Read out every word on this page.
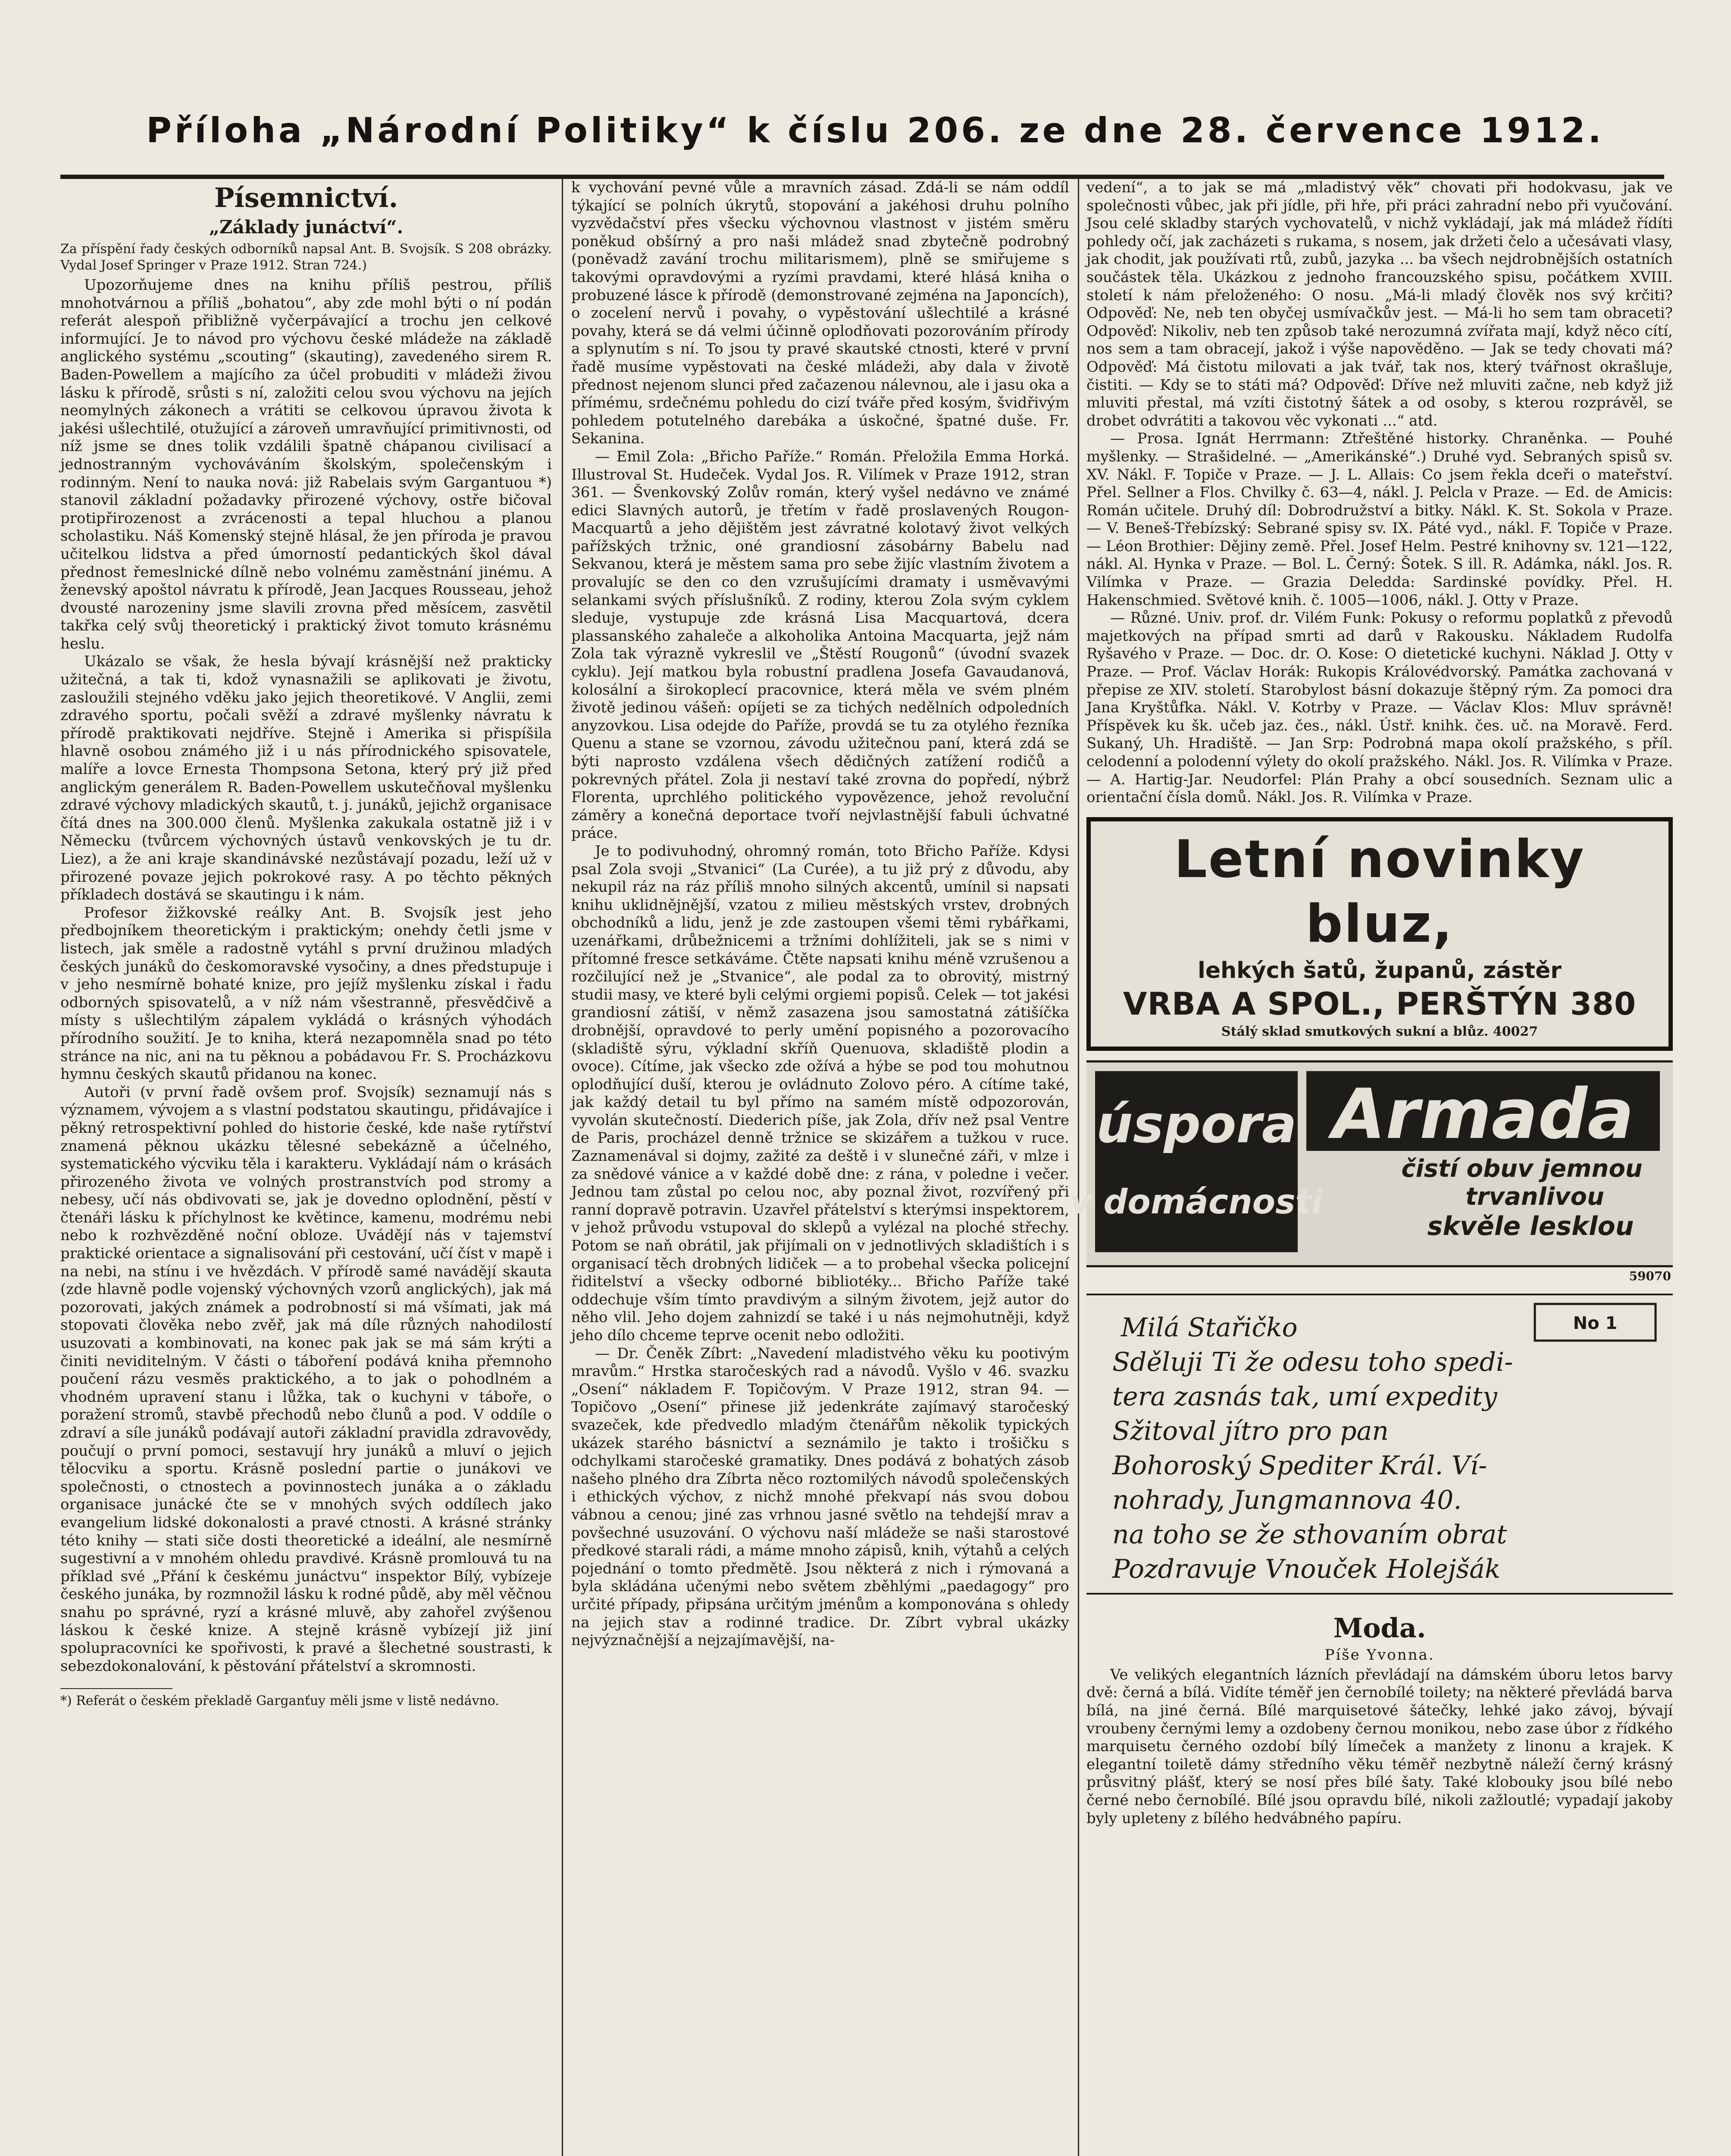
Příloha „Národní Politiky“ k číslu 206. ze dne 28. července 1912.
Písemnictví.
„Základy junáctví“.

Za příspění řady českých odborníků napsal Ant. B. Svojsík. S 208 obrázky. Vydal Josef Springer v Praze 1912. Stran 724.)

Upozorňujeme dnes na knihu příliš pestrou, příliš mnohotvárnou a příliš „bohatou“, aby zde mohl býti o ní podán referát alespoň přibližně vyčerpávající a trochu jen celkové informující. Je to návod pro výchovu české mládeže na základě anglického systému „scouting“ (skauting), zavedeného sirem R. Baden-Powellem a majícího za účel probuditi v mládeži živou lásku k přírodě, srůsti s ní, založiti celou svou výchovu na jejích neomylných zákonech a vrátiti se celkovou úpravou života k jakési ušlechtilé, otužující a zároveň umravňující primitivnosti, od níž jsme se dnes tolik vzdálili špatně chápanou civilisací a jednostranným vychováváním školským, společenským i rodinným. Není to nauka nová: již Rabelais svým Gargantuou *) stanovil základní požadavky přirozené výchovy, ostře bičoval protipřirozenost a zvrácenosti a tepal hluchou a planou scholastiku. Náš Komenský stejně hlásal, že jen příroda je pravou učitelkou lidstva a před úmorností pedantických škol dával přednost řemeslnické dílně nebo volnému zaměstnání jinému. A ženevský apoštol návratu k přírodě, Jean Jacques Rousseau, jehož dvousté narozeniny jsme slavili zrovna před měsícem, zasvětil takřka celý svůj theoretický i praktický život tomuto krásnému heslu.

Ukázalo se však, že hesla bývají krásnější než prakticky užitečná, a tak ti, kdož vynasnažili se aplikovati je životu, zasloužili stejného vděku jako jejich theoretikové. V Anglii, zemi zdravého sportu, počali svěží a zdravé myšlenky návratu k přírodě praktikovati nejdříve. Stejně i Amerika si přispíšila hlavně osobou známého již i u nás přírodnického spisovatele, malíře a lovce Ernesta Thompsona Setona, který prý již před anglickým generálem R. Baden-Powellem uskutečňoval myšlenku zdravé výchovy mladických skautů, t. j. junáků, jejichž organisace čítá dnes na 300.000 členů. Myšlenka zakukala ostatně již i v Německu (tvůrcem výchovných ústavů venkovských je tu dr. Liez), a že ani kraje skandinávské nezůstávají pozadu, leží už v přirozené povaze jejich pokrokové rasy. A po těchto pěkných příkladech dostává se skautingu i k nám.

Profesor žižkovské reálky Ant. B. Svojsík jest jeho předbojníkem theoretickým i praktickým; onehdy četli jsme v listech, jak směle a radostně vytáhl s první družinou mladých českých junáků do českomoravské vysočiny, a dnes předstupuje i v jeho nesmírně bohaté knize, pro jejíž myšlenku získal i řadu odborných spisovatelů, a v níž nám všestranně, přesvědčivě a místy s ušlechtilým zápalem vykládá o krásných výhodách přírodního soužití. Je to kniha, která nezapomněla snad po této stránce na nic, ani na tu pěknou a pobádavou Fr. S. Procházkovu hymnu českých skautů přidanou na konec.

Autoři (v první řadě ovšem prof. Svojsík) seznamují nás s významem, vývojem a s vlastní podstatou skautingu, přidávajíce i pěkný retrospektivní pohled do historie české, kde naše rytířství znamená pěknou ukázku tělesné sebekázně a účelného, systematického výcviku těla i karakteru. Vykládají nám o krásách přirozeného života ve volných prostranstvích pod stromy a nebesy, učí nás obdivovati se, jak je dovedno oplodnění, pěstí v čtenáři lásku k příchylnost ke květince, kamenu, modrému nebi nebo k rozhvězděné noční obloze. Uvádějí nás v tajemství praktické orientace a signalisování při cestování, učí číst v mapě i na nebi, na stínu i ve hvězdách. V přírodě samé navádějí skauta (zde hlavně podle vojenský výchovných vzorů anglických), jak má pozorovati, jakých známek a podrobností si má všímati, jak má stopovati člověka nebo zvěř, jak má díle různých nahodilostí usuzovati a kombinovati, na konec pak jak se má sám krýti a činiti neviditelným. V části o táboření podává kniha přemnoho poučení rázu vesměs praktického, a to jak o pohodlném a vhodném upravení stanu i lůžka, tak o kuchyni v táboře, o poražení stromů, stavbě přechodů nebo člunů a pod. V oddíle o zdraví a síle junáků podávají autoři základní pravidla zdravovědy, poučují o první pomoci, sestavují hry junáků a mluví o jejich tělocviku a sportu. Krásně poslední partie o junákovi ve společnosti, o ctnostech a povinnostech junáka a o základu organisace junácké čte se v mnohých svých oddílech jako evangelium lidské dokonalosti a pravé ctnosti. A krásné stránky této knihy — stati siče dosti theoretické a ideální, ale nesmírně sugestivní a v mnohém ohledu pravdivé. Krásně promlouvá tu na příklad své „Přání k českému junáctvu“ inspektor Bílý, vybízeje českého junáka, by rozmnožil lásku k rodné půdě, aby měl věčnou snahu po správné, ryzí a krásné mluvě, aby zahořel zvýšenou láskou k české knize. A stejně krásně vybízejí již jiní spolupracovníci ke spořivosti, k pravé a šlechetné soustrasti, k sebezdokonalování, k pěstování přátelství a skromnosti.

*) Referát o českém překladě Garganťuy měli jsme v listě nedávno.

k vychování pevné vůle a mravních zásad. Zdá-li se nám oddíl týkající se polních úkrytů, stopování a jakéhosi druhu polního vyzvědačství přes všecku výchovnou vlastnost v jistém směru poněkud obšírný a pro naši mládež snad zbytečně podrobný (poněvadž zavání trochu militarismem), plně se smiřujeme s takovými opravdovými a ryzími pravdami, které hlásá kniha o probuzené lásce k přírodě (demonstrované zejména na Japoncích), o zocelení nervů i povahy, o vypěstování ušlechtilé a krásné povahy, která se dá velmi účinně oplodňovati pozorováním přírody a splynutím s ní. To jsou ty pravé skautské ctnosti, které v první řadě musíme vypěstovati na české mládeži, aby dala v životě přednost nejenom slunci před začazenou nálevnou, ale i jasu oka a přímému, srdečnému pohledu do cizí tváře před kosým, švidřivým pohledem potutelného darebáka a úskočné, špatné duše. Fr. Sekanina.

— Emil Zola: „Břicho Paříže.“ Román. Přeložila Emma Horká. Illustroval St. Hudeček. Vydal Jos. R. Vilímek v Praze 1912, stran 361. — Švenkovský Zolův román, který vyšel nedávno ve známé edici Slavných autorů, je třetím v řadě proslavených Rougon-Macquartů a jeho dějištěm jest závratné kolotavý život velkých pařížských tržnic, oné grandiosní zásobárny Babelu nad Sekvanou, která je městem sama pro sebe žijíc vlastním životem a provalujíc se den co den vzrušujícími dramaty i usměvavými selankami svých příslušníků. Z rodiny, kterou Zola svým cyklem sleduje, vystupuje zde krásná Lisa Macquartová, dcera plassanského zahaleče a alkoholika Antoina Macquarta, jejž nám Zola tak výrazně vykreslil ve „Štěstí Rougonů“ (úvodní svazek cyklu). Její matkou byla robustní pradlena Josefa Gavaudanová, kolosální a širokoplecí pracovnice, která měla ve svém plném životě jedinou vášeň: opíjeti se za tichých nedělních odpoledních anyzovkou. Lisa odejde do Paříže, provdá se tu za otylého řezníka Quenu a stane se vzornou, závodu užitečnou paní, která zdá se býti naprosto vzdálena všech dědičných zatížení rodičů a pokrevných přátel. Zola ji nestaví také zrovna do popředí, nýbrž Florenta, uprchlého politického vypovězence, jehož revoluční záměry a konečná deportace tvoří nejvlastnější fabuli úchvatné práce.

Je to podivuhodný, ohromný román, toto Břicho Paříže. Kdysi psal Zola svoji „Stvanici“ (La Curée), a tu již prý z důvodu, aby nekupil ráz na ráz příliš mnoho silných akcentů, umínil si napsati knihu uklidnějnější, vzatou z milieu městských vrstev, drobných obchodníků a lidu, jenž je zde zastoupen všemi těmi rybářkami, uzenářkami, drůbežnicemi a tržními dohlížiteli, jak se s nimi v přítomné fresce setkáváme. Čtěte napsati knihu méně vzrušenou a rozčilující než je „Stvanice“, ale podal za to obrovitý, mistrný studii masy, ve které byli celými orgiemi popisů. Celek — tot jakési grandiosní zátiší, v němž zasazena jsou samostatná zátišíčka drobnější, opravdové to perly umění popisného a pozorovacího (skladiště sýru, výkladní skříň Quenuova, skladiště plodin a ovoce). Cítíme, jak všecko zde ožívá a hýbe se pod tou mohutnou oplodňující duší, kterou je ovládnuto Zolovo péro. A cítíme také, jak každý detail tu byl přímo na samém místě odpozorován, vyvolán skutečností. Diederich píše, jak Zola, dřív než psal Ventre de Paris, procházel denně tržnice se skizářem a tužkou v ruce. Zaznamenával si dojmy, zažité za deště i v slunečné záři, v mlze i za snědové vánice a v každé době dne: z rána, v poledne i večer. Jednou tam zůstal po celou noc, aby poznal život, rozvířený při ranní dopravě potravin. Uzavřel přátelství s kterýmsi inspektorem, v jehož průvodu vstupoval do sklepů a vylézal na ploché střechy. Potom se naň obrátil, jak přijímali on v jednotlivých skladištích i s organisací těch drobných lidiček — a to probehal všecka policejní řiditelství a všecky odborné bibliotéky... Břicho Paříže také oddechuje vším tímto pravdivým a silným životem, jejž autor do něho vlil. Jeho dojem zahnizdí se také i u nás nejmohutněji, když jeho dílo chceme teprve ocenit nebo odložiti.

— Dr. Čeněk Zíbrt: „Navedení mladistvého věku ku pootivým mravům.“ Hrstka staročeských rad a návodů. Vyšlo v 46. svazku „Osení“ nákladem F. Topičovým. V Praze 1912, stran 94. — Topičovo „Osení“ přinese již jedenkráte zajímavý staročeský svazeček, kde předvedlo mladým čtenářům několik typických ukázek starého básnictví a seznámilo je takto i trošičku s odchylkami staročeské gramatiky. Dnes podává z bohatých zásob našeho plného dra Zíbrta něco roztomilých návodů společenských i ethických výchov, z nichž mnohé překvapí nás svou dobou vábnou a cenou; jiné zas vrhnou jasné světlo na tehdejší mrav a povšechné usuzování. O výchovu naší mládeže se naši starostové předkové starali rádi, a máme mnoho zápisů, knih, výtahů a celých pojednání o tomto předmětě. Jsou některá z nich i rýmovaná a byla skládána učenými nebo světem zběhlými „paedagogy“ pro určité případy, připsána určitým jménům a komponována s ohledy na jejich stav a rodinné tradice. Dr. Zíbrt vybral ukázky nejvýznačnější a nejzajímavější, na-

vedení“, a to jak se má „mladistvý věk“ chovati při hodokvasu, jak ve společnosti vůbec, jak při jídle, při hře, při práci zahradní nebo při vyučování. Jsou celé skladby starých vychovatelů, v nichž vykládají, jak má mládež řídíti pohledy očí, jak zacházeti s rukama, s nosem, jak držeti čelo a učesávati vlasy, jak chodit, jak používati rtů, zubů, jazyka ... ba všech nejdrobnějších ostatních součástek těla. Ukázkou z jednoho francouzského spisu, počátkem XVIII. století k nám přeloženého: O nosu. „Má-li mladý člověk nos svý krčiti? Odpověď: Ne, neb ten obyčej usmívačkův jest. — Má-li ho sem tam obraceti? Odpověď: Nikoliv, neb ten způsob také nerozumná zvířata mají, když něco cítí, nos sem a tam obracejí, jakož i výše napověděno. — Jak se tedy chovati má? Odpověď: Má čistotu milovati a jak tvář, tak nos, který tvářnost okrašluje, čistiti. — Kdy se to státi má? Odpověď: Dříve než mluviti začne, neb když již mluviti přestal, má vzíti čistotný šátek a od osoby, s kterou rozprávěl, se drobet odvrátiti a takovou věc vykonati ...“ atd.

— Prosa. Ignát Herrmann: Ztřeštěné historky. Chraněnka. — Pouhé myšlenky. — Strašidelné. — „Amerikánské“.) Druhé vyd. Sebraných spisů sv. XV. Nákl. F. Topiče v Praze. — J. L. Allais: Co jsem řekla dceři o mateřství. Přel. Sellner a Flos. Chvilky č. 63—4, nákl. J. Pelcla v Praze. — Ed. de Amicis: Román učitele. Druhý díl: Dobrodružství a bitky. Nákl. K. St. Sokola v Praze. — V. Beneš-Třebízský: Sebrané spisy sv. IX. Páté vyd., nákl. F. Topiče v Praze. — Léon Brothier: Dějiny země. Přel. Josef Helm. Pestré knihovny sv. 121—122, nákl. Al. Hynka v Praze. — Bol. L. Černý: Šotek. S ill. R. Adámka, nákl. Jos. R. Vilímka v Praze. — Grazia Deledda: Sardinské povídky. Přel. H. Hakenschmied. Světové knih. č. 1005—1006, nákl. J. Otty v Praze.

— Různé. Univ. prof. dr. Vilém Funk: Pokusy o reformu poplatků z převodů majetkových na případ smrti ad darů v Rakousku. Nákladem Rudolfa Ryšavého v Praze. — Doc. dr. O. Kose: O dietetické kuchyni. Náklad J. Otty v Praze. — Prof. Václav Horák: Rukopis Královédvorský. Památka zachovaná v přepise ze XIV. století. Starobylost básní dokazuje štěpný rým. Za pomoci dra Jana Kryštůfka. Nákl. V. Kotrby v Praze. — Václav Klos: Mluv správně! Příspěvek ku šk. učeb jaz. čes., nákl. Ústř. knihk. čes. uč. na Moravě. Ferd. Sukaný, Uh. Hradiště. — Jan Srp: Podrobná mapa okolí pražského, s příl. celodenní a polodenní výlety do okolí pražského. Nákl. Jos. R. Vilímka v Praze. — A. Hartig-Jar. Neudorfel: Plán Prahy a obcí sousedních. Seznam ulic a orientační čísla domů. Nákl. Jos. R. Vilímka v Praze.

Letní novinky bluz,
lehkých šatů, županů, zástěr
VRBA A SPOL., PERŠTÝN 380
Stálý sklad smutkových sukní a blůz. 40027
úspora
v domácnosti
Armada
čistí obuv jemnou
trvanlivou
skvěle lesklou
59070
No 1
Milá Stařičko
Sděluji Ti že odesu toho spedi-
tera zasnás tak, umí expedity
Sžitoval jítro pro pan
Bohoroský Spediter Král. Ví-
nohrady, Jungmannova 40.
na toho se že sthovaním obrat
Pozdravuje Vnouček Holejšák
Moda.
Píše Yvonna.

Ve velikých elegantních lázních převládají na dámském úboru letos barvy dvě: černá a bílá. Vidíte téměř jen černobílé toilety; na některé převládá barva bílá, na jiné černá. Bílé marquisetové šátečky, lehké jako závoj, bývají vroubeny černými lemy a ozdobeny černou monikou, nebo zase úbor z řídkého marquisetu černého ozdobí bílý límeček a manžety z linonu a krajek. K elegantní toiletě dámy středního věku téměř nezbytně náleží černý krásný průsvitný plášť, který se nosí přes bílé šaty. Také klobouky jsou bílé nebo černé nebo černobílé. Bílé jsou opravdu bílé, nikoli zažloutlé; vypadají jakoby byly upleteny z bílého hedvábného papíru.
